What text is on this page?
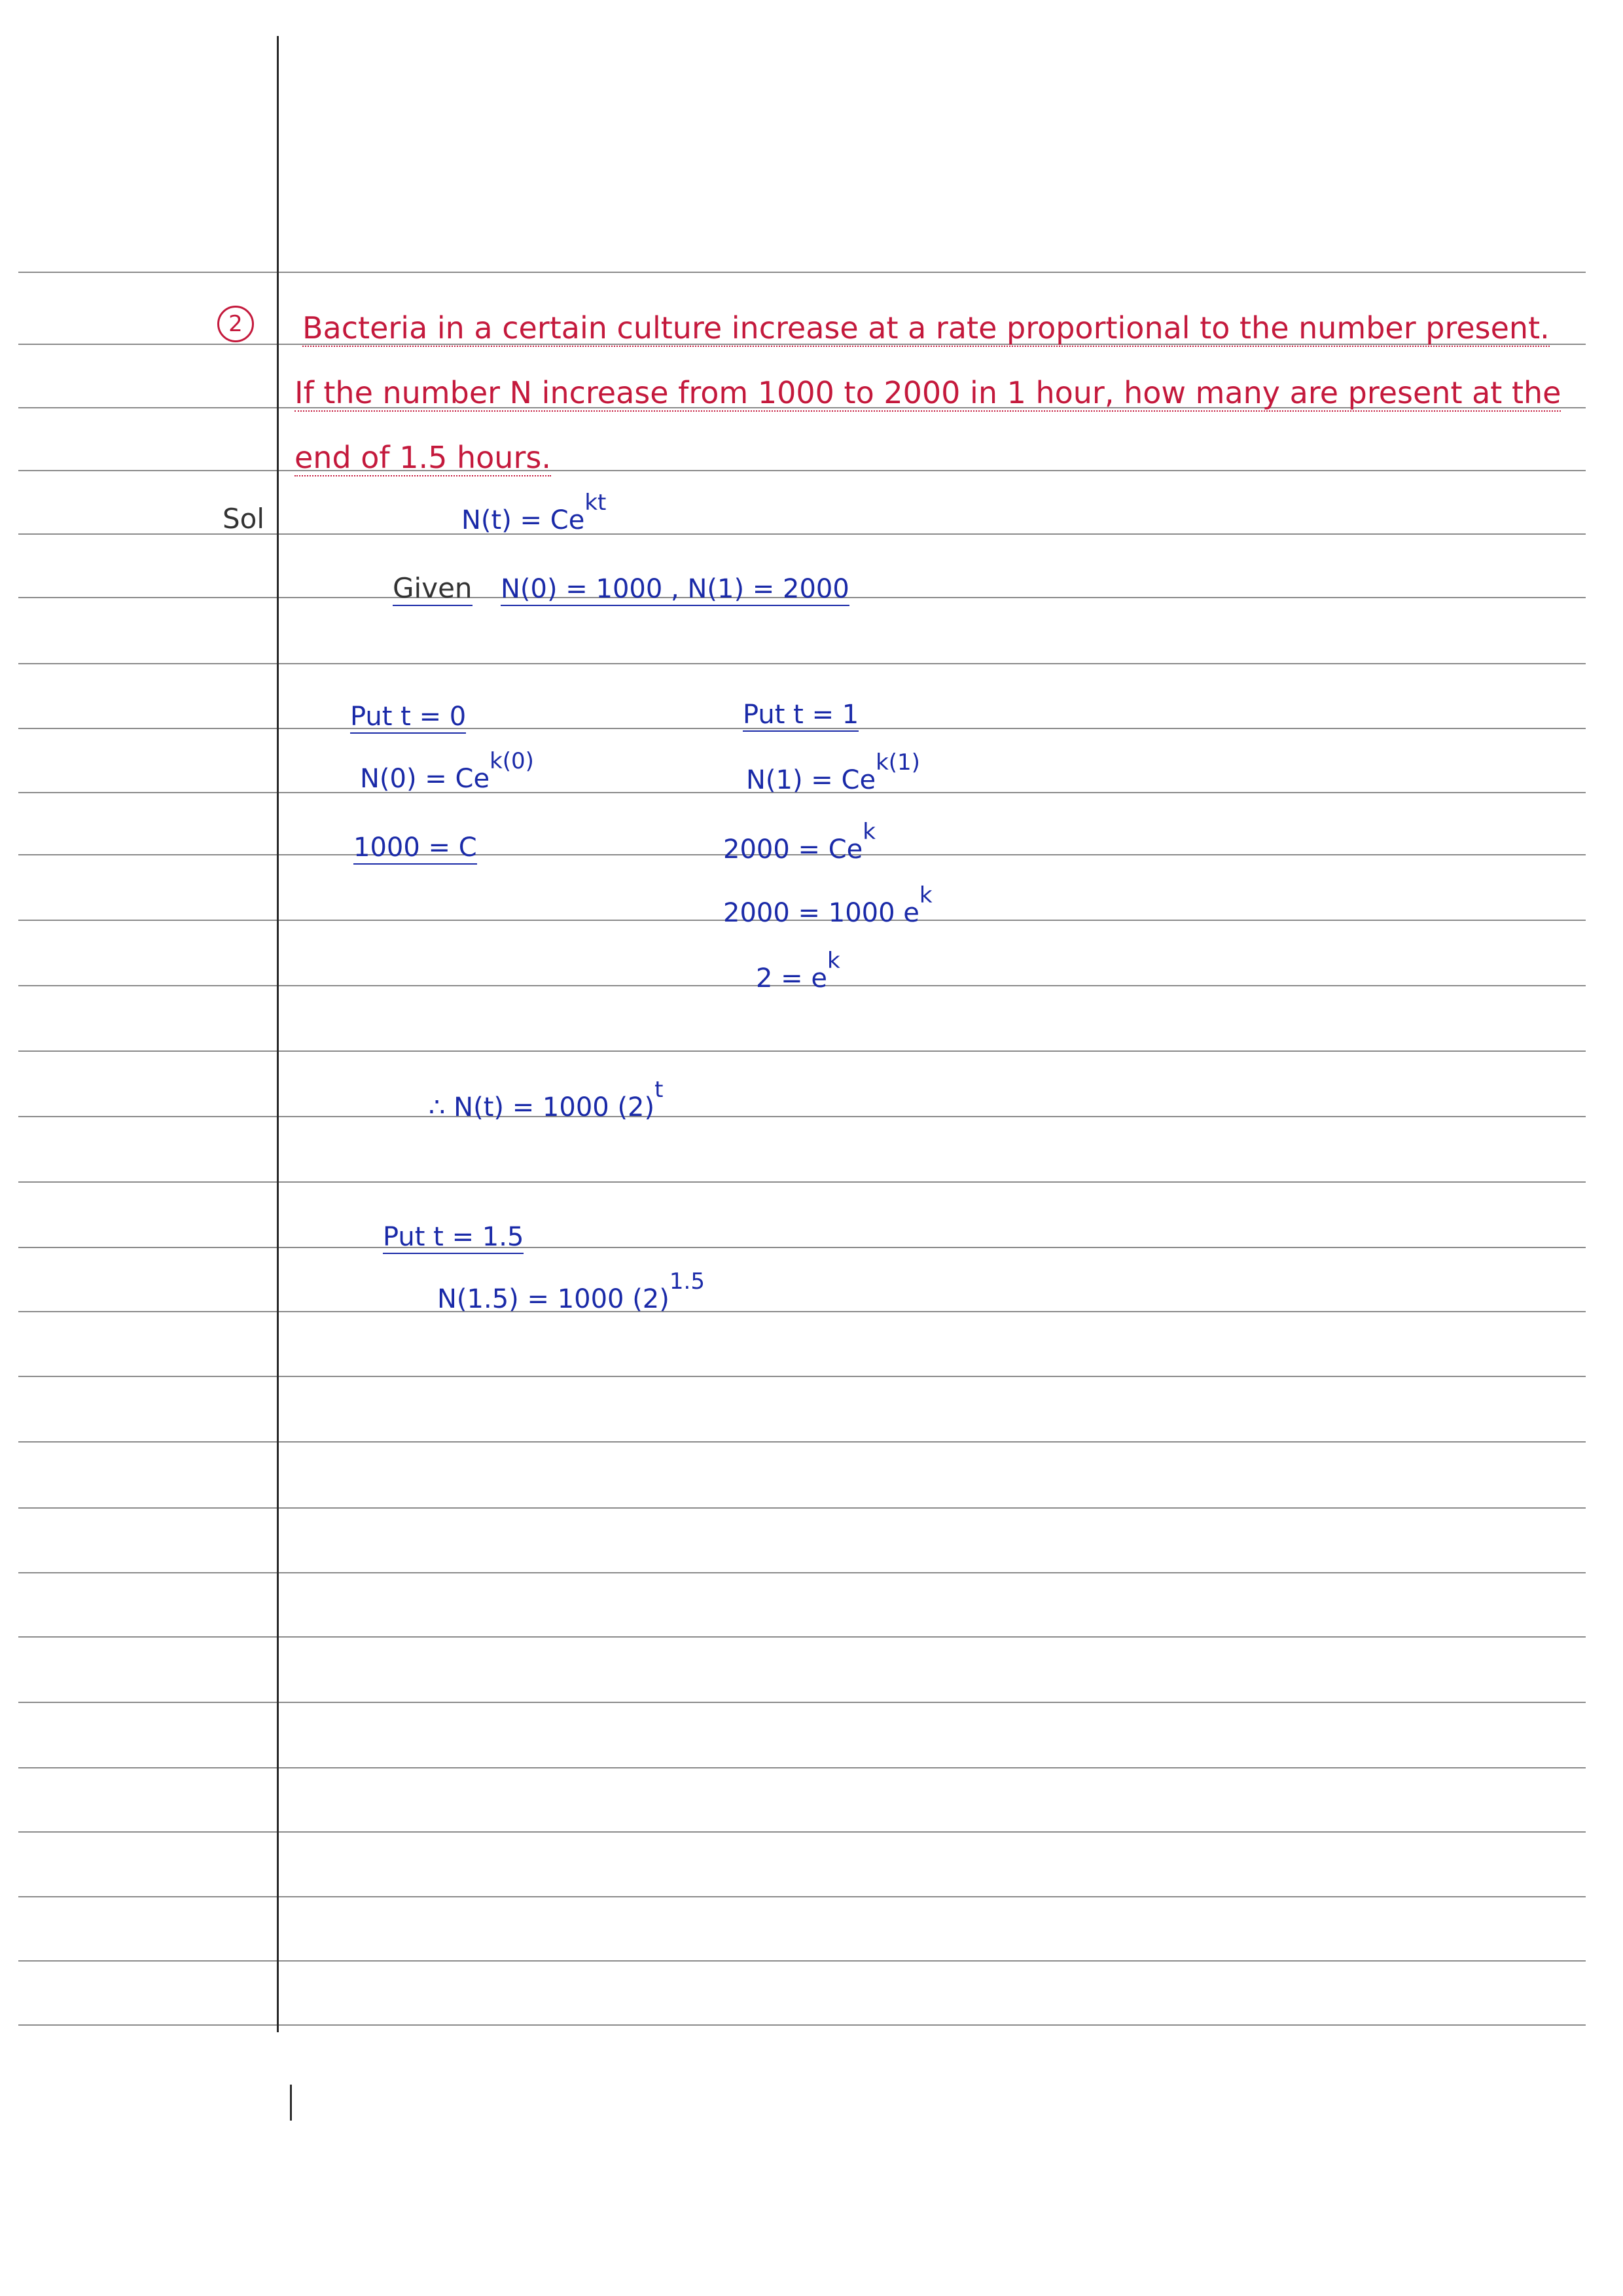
2	Bacteria in a certain culture increase at a rate proportional to the number present.
If the number N increase from 1000 to 2000 in 1 hour, how many are present at the
end of 1.5 hours.
Sol	$N(t) = Ce^{kt}$
Given N(0) = 1000 , N(1) = 2000
Put t = 0
$N(0) = Ce^{k(0)}$
1000 = C
Put t = 1
$N(1) = Ce^{k(1)}$
$2000 = Ce^k$
2000 = 1000 $e^k$
$2 = e^k$
∴ N(t) = 1000 $(2)^t$
Put t = 1.5
N(1.5) = 1000 $(2)^{1.5}$
